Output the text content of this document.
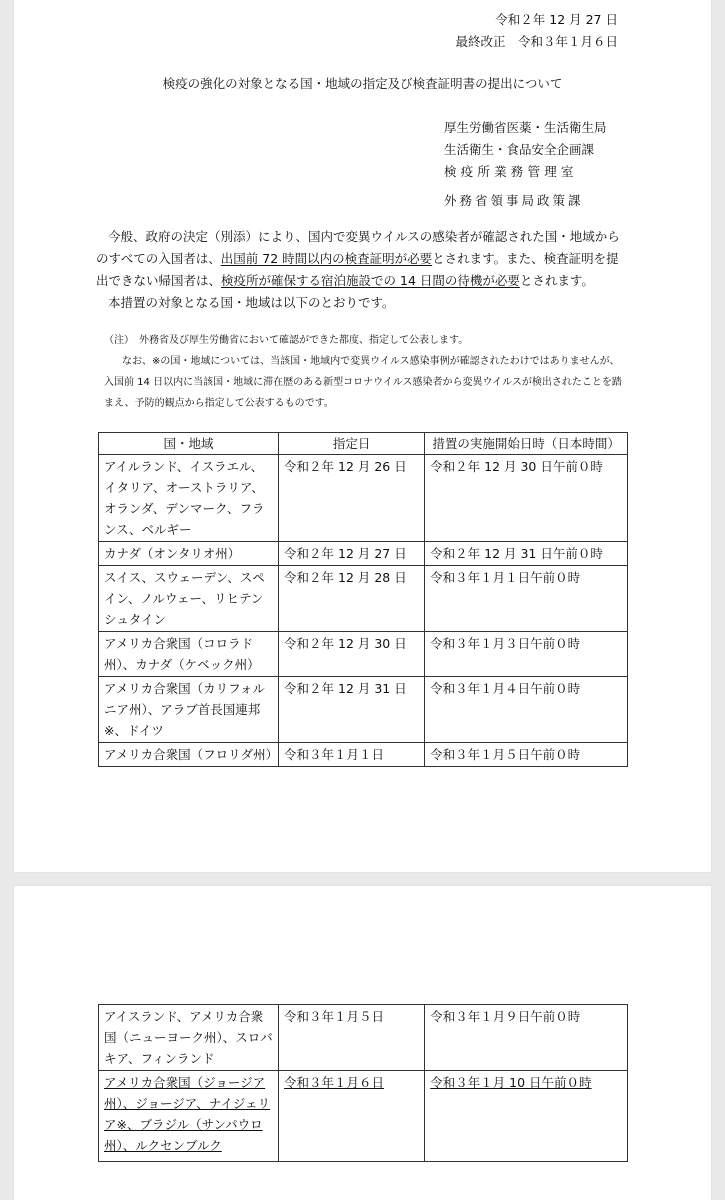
令和２年 12 月 27 日
最終改正　令和３年１月６日
検疫の強化の対象となる国・地域の指定及び検査証明書の提出について
厚生労働省医薬・生活衛生局
生活衛生・食品安全企画課
検疫所業務管理室
外務省領事局政策課

今般、政府の決定（別添）により、国内で変異ウイルスの感染者が確認された国・地域からのすべての入国者は、出国前 72 時間以内の検査証明が必要とされます。また、検査証明を提出できない帰国者は、検疫所が確保する宿泊施設での 14 日間の待機が必要とされます。

本措置の対象となる国・地域は以下のとおりです。

（注）　外務省及び厚生労働省において確認ができた都度、指定して公表します。

なお、※の国・地域については、当該国・地域内で変異ウイルス感染事例が確認されたわけではありませんが、入国前 14 日以内に当該国・地域に滞在歴のある新型コロナウイルス感染者から変異ウイルスが検出されたことを踏まえ、予防的観点から指定して公表するものです。

国・地域	指定日	措置の実施開始日時（日本時間）
アイルランド、イスラエル、イタリア、オーストラリア、オランダ、デンマーク、フランス、ベルギー	令和２年 12 月 26 日	令和２年 12 月 30 日午前０時
カナダ（オンタリオ州）	令和２年 12 月 27 日	令和２年 12 月 31 日午前０時
スイス、スウェーデン、スペイン、ノルウェー、リヒテンシュタイン	令和２年 12 月 28 日	令和３年１月１日午前０時
アメリカ合衆国（コロラド州）、カナダ（ケベック州）	令和２年 12 月 30 日	令和３年１月３日午前０時
アメリカ合衆国（カリフォルニア州）、アラブ首長国連邦※、ドイツ	令和２年 12 月 31 日	令和３年１月４日午前０時
アメリカ合衆国（フロリダ州）	令和３年１月１日	令和３年１月５日午前０時
アイスランド、アメリカ合衆国（ニューヨーク州）、スロバキア、フィンランド	令和３年１月５日	令和３年１月９日午前０時
アメリカ合衆国（ジョージア州）、ジョージア、ナイジェリア※、ブラジル（サンパウロ州）、ルクセンブルク	令和３年１月６日	令和３年１月 10 日午前０時
